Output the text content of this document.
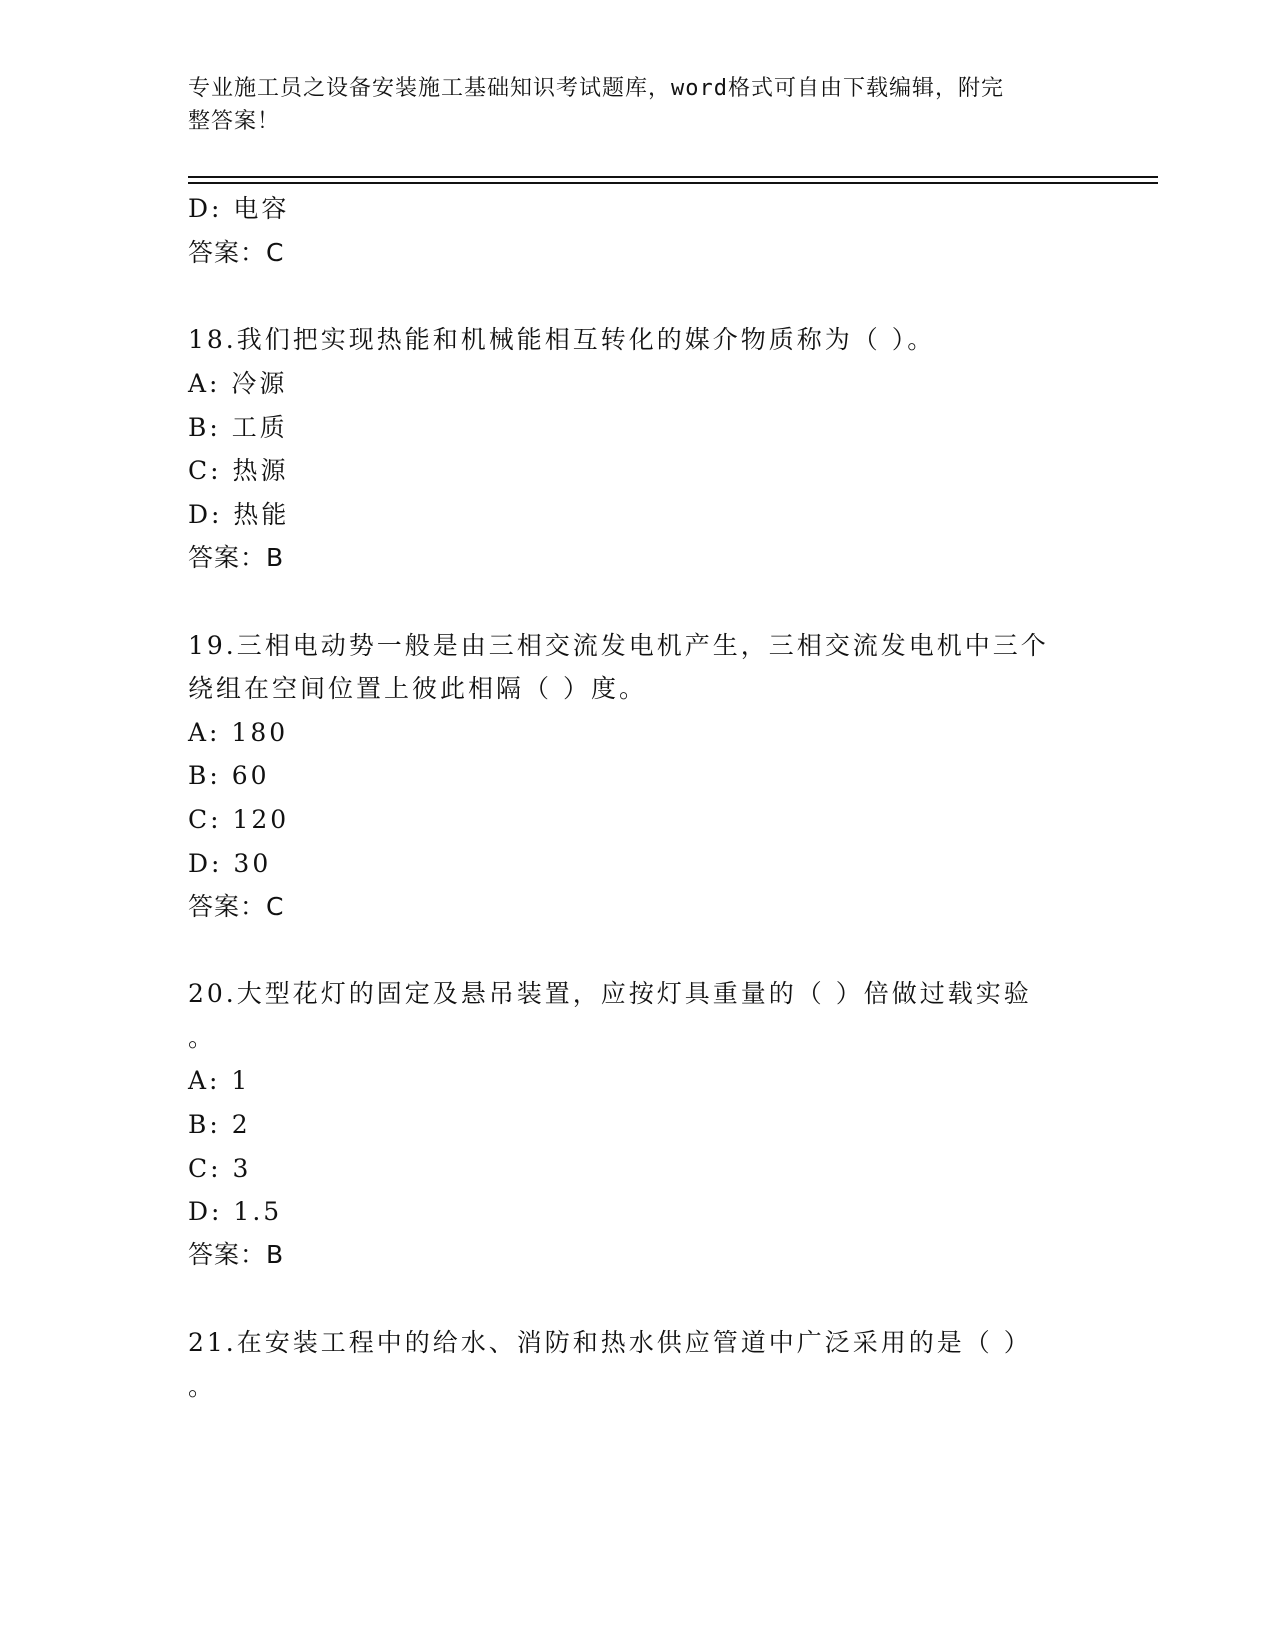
专业施工员之设备安装施工基础知识考试题库，word格式可自由下载编辑，附完
整答案！
D: 电容
答案：C
18.我们把实现热能和机械能相互转化的媒介物质称为（ ）。
A: 冷源
B: 工质
C: 热源
D: 热能
答案：B
19.三相电动势一般是由三相交流发电机产生，三相交流发电机中三个
绕组在空间位置上彼此相隔（ ）度。
A: 180
B: 60
C: 120
D: 30
答案：C
20.大型花灯的固定及悬吊装置，应按灯具重量的（ ）倍做过载实验
。
A: 1
B: 2
C: 3
D: 1.5
答案：B
21.在安装工程中的给水、消防和热水供应管道中广泛采用的是（ ）
。
